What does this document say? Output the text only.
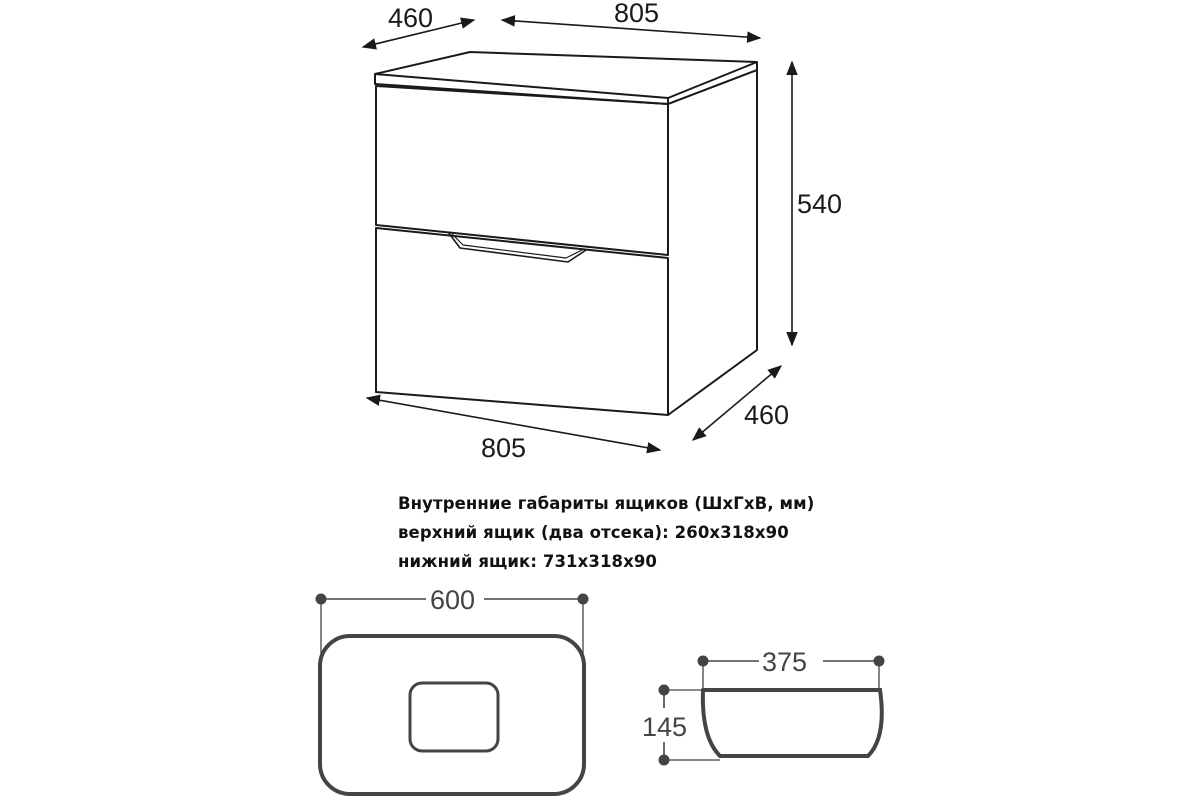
460	805
540
805
460
600
375
145
Внутренние габариты ящиков (ШхГхВ, мм)
верхний ящик (два отсека): 260х318х90
нижний ящик: 731х318х90
